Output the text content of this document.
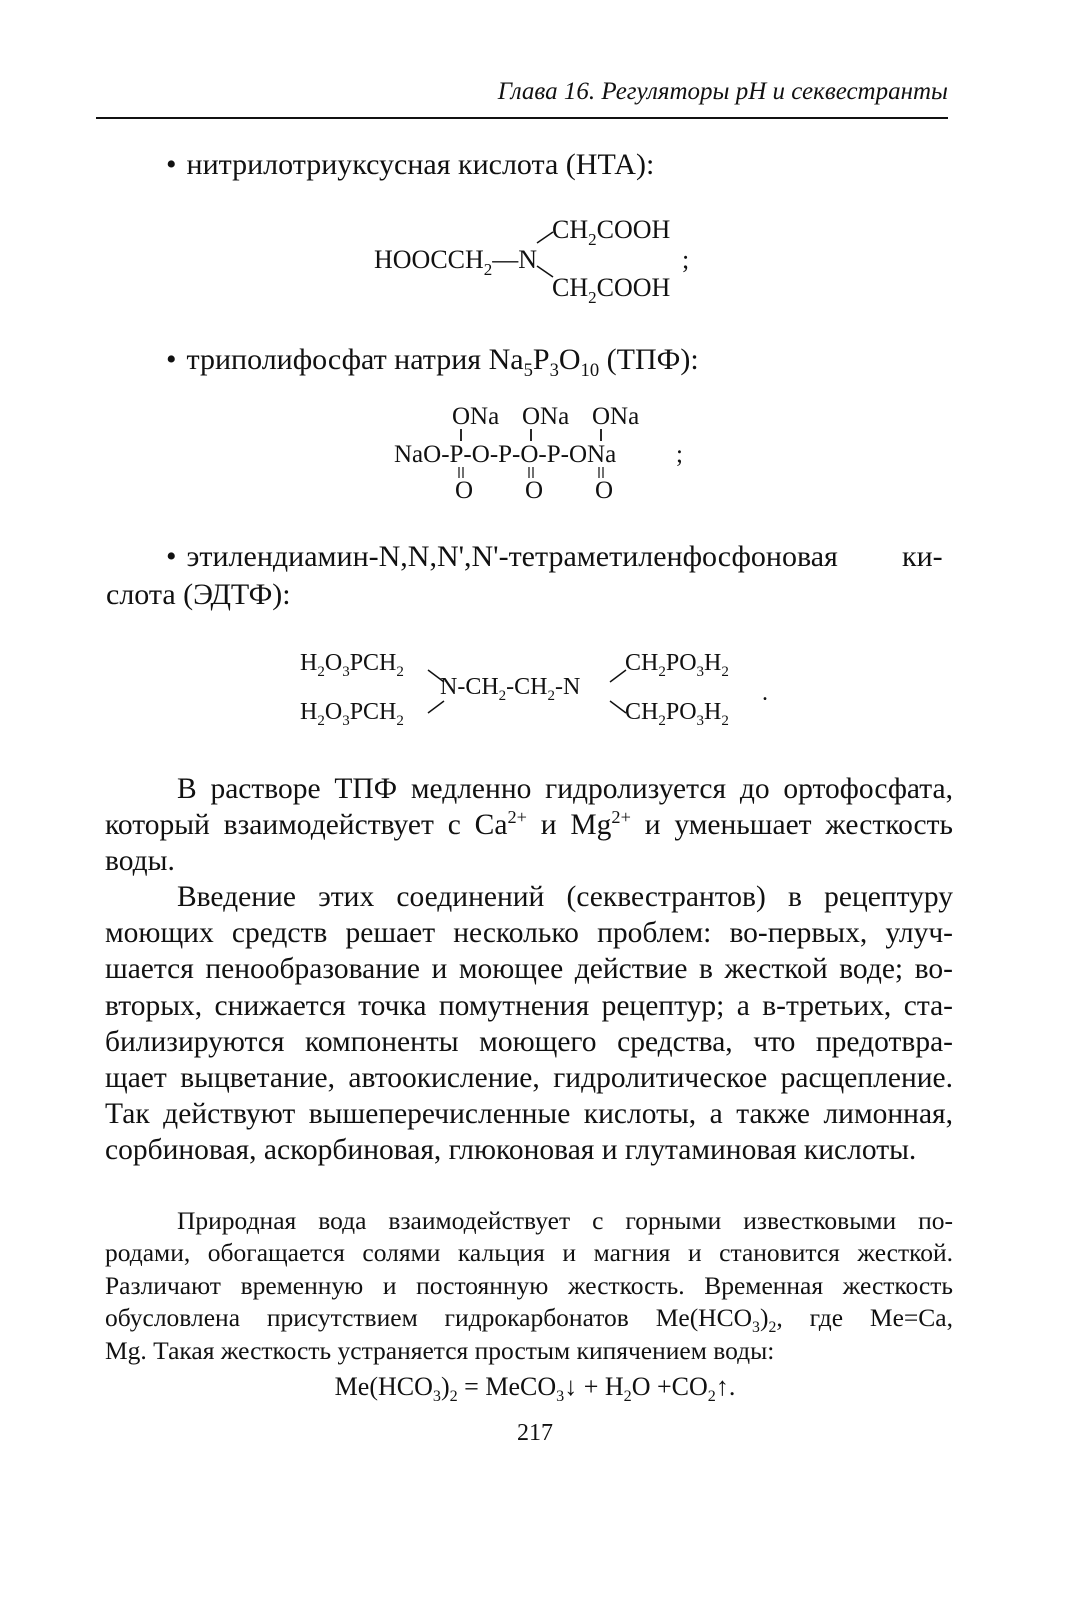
Глава 16. Регуляторы pH и секвестранты
• нитрилотриуксусная кислота (НТА):
$HOOCCH_2—N$
$CH_2COOH$
$CH_2COOH$
;
• триполифосфат натрия $Na_5P_3O_{10}$ (ТПФ):
ONa ONa ONa
NaO-P-O-P-O-P-ONa ;
O O O
• этилендиамин-N,N,N',N'-тетраметиленфосфоновая ки-
слота (ЭДТФ):
$H_2O_3PCH_2$
$H_2O_3PCH_2$
$N-CH_2-CH_2-N$
$CH_2PO_3H_2$
$CH_2PO_3H_2$
.
В растворе ТПФ медленно гидролизуется до ортофосфата,
который взаимодействует с $Ca^{2+}$ и $Mg^{2+}$ и уменьшает жесткость
воды.
Введение этих соединений (секвестрантов) в рецептуру
моющих средств решает несколько проблем: во-первых, улуч-
шается пенообразование и моющее действие в жесткой воде; во-
вторых, снижается точка помутнения рецептур; а в-третьих, ста-
билизируются компоненты моющего средства, что предотвра-
щает выцветание, автоокисление, гидролитическое расщепление.
Так действуют вышеперечисленные кислоты, а также лимонная,
сорбиновая, аскорбиновая, глюконовая и глутаминовая кислоты.
Природная вода взаимодействует с горными известковыми по-
родами, обогащается солями кальция и магния и становится жесткой.
Различают временную и постоянную жесткость. Временная жесткость
обусловлена присутствием гидрокарбонатов $Me(HCO_3)_2$, где Me=Ca,
Mg. Такая жесткость устраняется простым кипячением воды:
$Me(HCO_3)_2$ = MeCO$_3$↓ + $H_2O$ $+CO_2↑$.
217
